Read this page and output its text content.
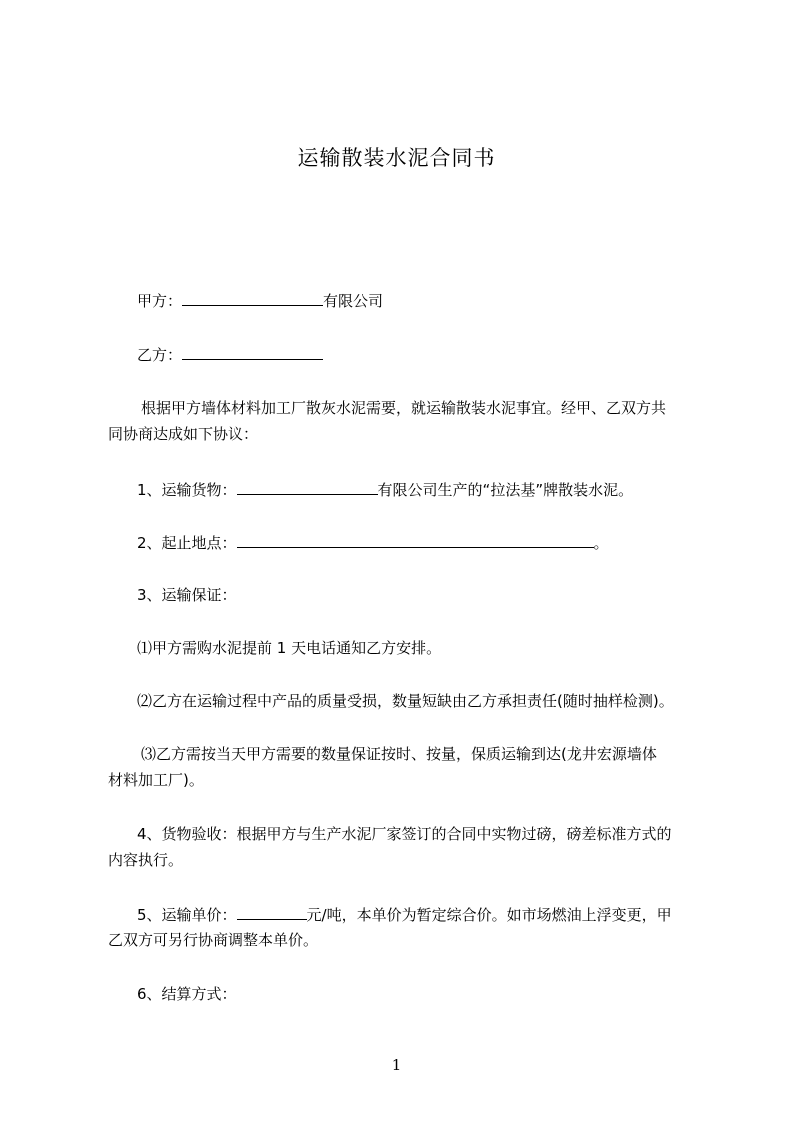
运输散装水泥合同书
甲方：	有限公司
乙方：
根据甲方墙体材料加工厂散灰水泥需要，就运输散装水泥事宜。经甲、乙双方共
同协商达成如下协议：
1、运输货物：	有限公司生产的“拉法基”牌散装水泥。
2、起止地点：	。
3、运输保证：
⑴甲方需购水泥提前 1 天电话通知乙方安排。
⑵乙方在运输过程中产品的质量受损，数量短缺由乙方承担责任(随时抽样检测)。
⑶乙方需按当天甲方需要的数量保证按时、按量，保质运输到达(龙井宏源墙体
材料加工厂)。
4、货物验收：根据甲方与生产水泥厂家签订的合同中实物过磅，磅差标准方式的
内容执行。
5、运输单价：	元/吨，本单价为暂定综合价。如市场燃油上浮变更，甲
乙双方可另行协商调整本单价。
6、结算方式：
1
